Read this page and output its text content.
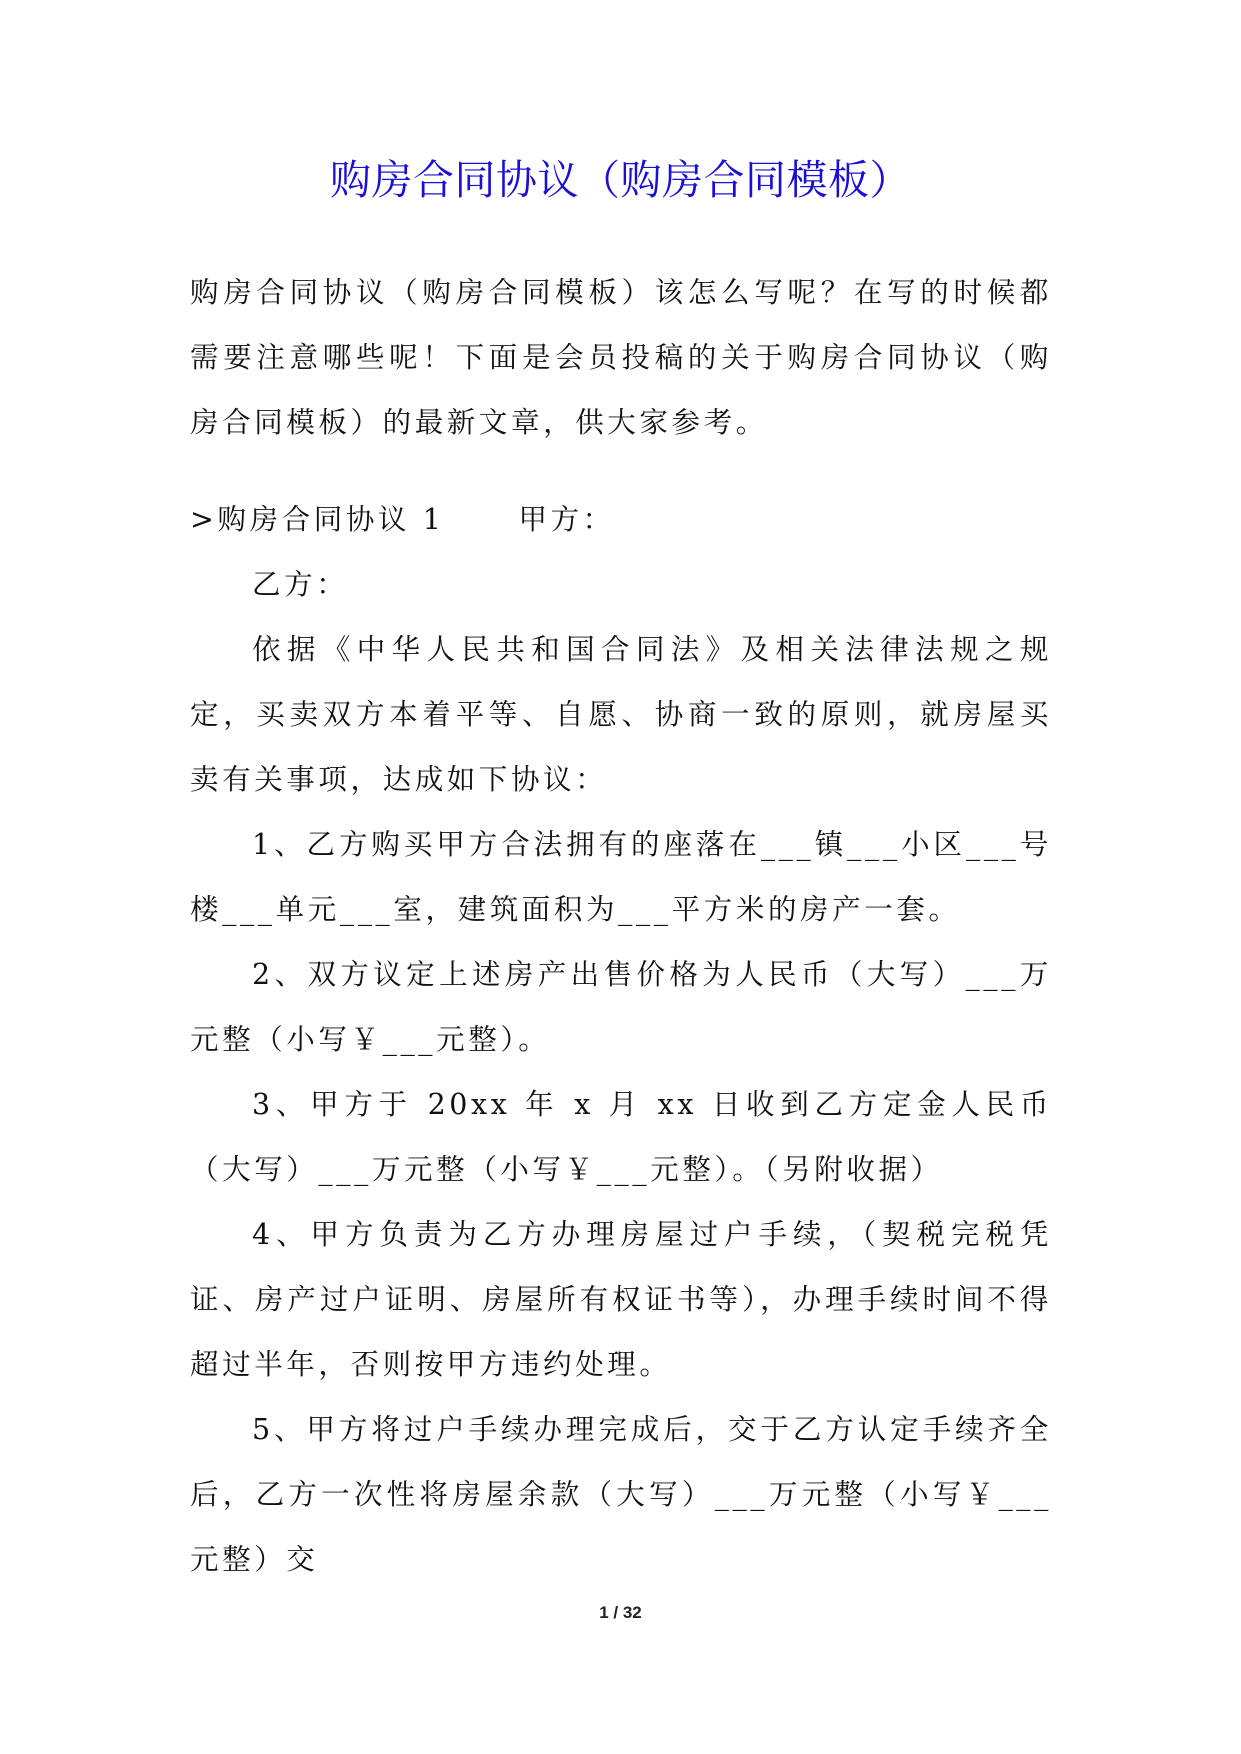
购房合同协议（购房合同模板）
购房合同协议（购房合同模板）该怎么写呢？在写的时候都需要注意哪些呢！下面是会员投稿的关于购房合同协议（购房合同模板）的最新文章，供大家参考。
>购房合同协议 1	甲方：
乙方：
依据《中华人民共和国合同法》及相关法律法规之规定，买卖双方本着平等、自愿、协商一致的原则，就房屋买卖有关事项，达成如下协议：
1、乙方购买甲方合法拥有的座落在___镇___小区___号楼___单元___室，建筑面积为___平方米的房产一套。
2、双方议定上述房产出售价格为人民币（大写）___万元整（小写￥___元整）。
3、甲方于 20xx 年 x 月 xx 日收到乙方定金人民币（大写）___万元整（小写￥___元整）。（另附收据）
4、甲方负责为乙方办理房屋过户手续，（契税完税凭证、房产过户证明、房屋所有权证书等），办理手续时间不得超过半年，否则按甲方违约处理。
5、甲方将过户手续办理完成后，交于乙方认定手续齐全后，乙方一次性将房屋余款（大写）___万元整（小写￥___元整）交
1 / 32
